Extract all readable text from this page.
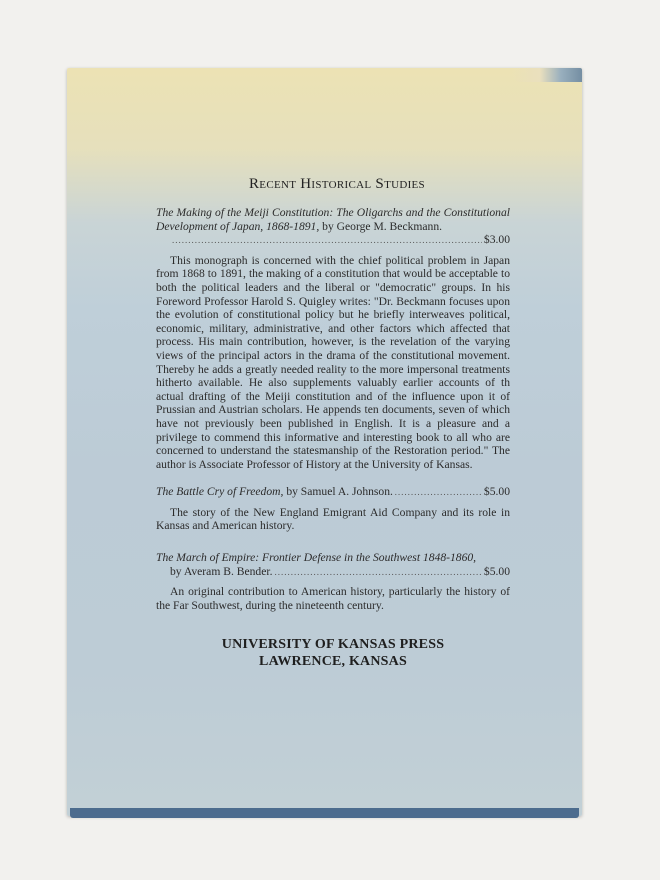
Recent Historical Studies

The Making of the Meiji Constitution: The Oligarchs and the Constitutional Development of Japan, 1868-1891, by George M. Beckmann.

.....
$3.00

This monograph is concerned with the chief political problem in Japan from 1868 to 1891, the making of a constitution that would be acceptable to both the political leaders and the liberal or "democratic" groups. In his Foreword Professor Harold S. Quigley writes: "Dr. Beckmann focuses upon the evolution of constitutional policy but he briefly interweaves political, economic, military, administrative, and other factors which affected that process. His main contribution, however, is the revelation of the varying views of the principal actors in the drama of the constitutional movement. Thereby he adds a greatly needed reality to the more impersonal treatments hitherto available. He also supplements valuably earlier accounts of th actual drafting of the Meiji constitution and of the influence upon it of Prussian and Austrian scholars. He appends ten documents, seven of which have not previously been published in English. It is a pleasure and a privilege to commend this informative and interesting book to all who are concerned to understand the statesmanship of the Restoration period." The author is Associate Professor of History at the University of Kansas.

The Battle Cry of Freedom,
by Samuel A. Johnson. .....	$5.00

The story of the New England Emigrant Aid Company and its role in Kansas and American history.

The March of Empire: Frontier Defense in the Southwest 1848-1860,

by Averam B. Bender. .....	$5.00

An original contribution to American history, particularly the history of the Far Southwest, during the nineteenth century.

UNIVERSITY OF KANSAS PRESS
LAWRENCE, KANSAS
